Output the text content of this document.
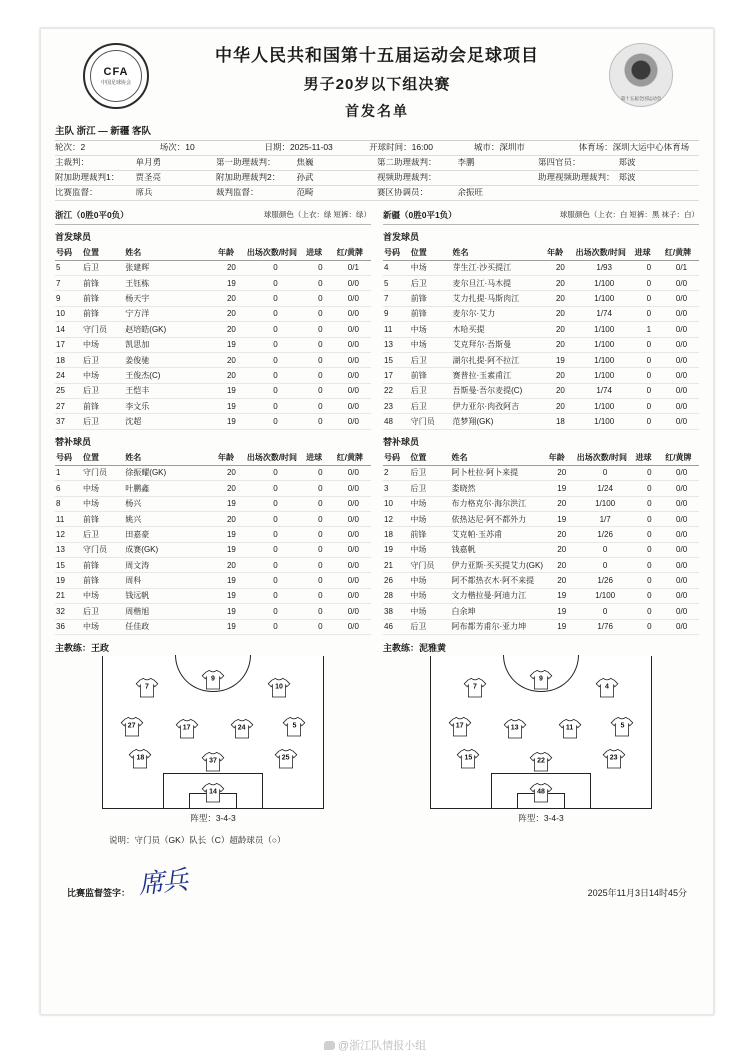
CFA
中国足球协会
第十五届全国运动会
中华人民共和国第十五届运动会足球项目
男子20岁以下组决赛
首发名单
主队 浙江 — 新疆 客队
轮次：2	场次：10	日期：2025-11-03	开球时间：16:00	城市：深圳市	体育场：深圳大运中心体育场
主裁判：	单月勇	第一助理裁判：	焦巍	第二助理裁判：	李鹏	第四官员：	郑波
附加助理裁判1：	贾圣亮	附加助理裁判2：	孙武	视频助理裁判：	助理视频助理裁判： 郑波
比赛监督：	席兵	裁判监督：	范畸	赛区协调员：	余振旺
浙江（0胜0平0负）	球服颜色（上衣：绿 短裤：绿）
首发球员
号码	位置	姓名	年龄	出场次数/时间	进球	红/黄牌
5	后卫	张建辉	20	0	0	0/1
7	前锋	王钰栋	19	0	0	0/0
9	前锋	杨天宇	20	0	0	0/0
10	前锋	宁方洋	20	0	0	0/0
14	守门员	赵培皓(GK)	20	0	0	0/0
17	中场	凯思加	19	0	0	0/0
18	后卫	姜俊驰	20	0	0	0/0
24	中场	王俊杰(C)	20	0	0	0/0
25	后卫	王恺丰	19	0	0	0/0
27	前锋	李文乐	19	0	0	0/0
37	后卫	沈超	19	0	0	0/0
替补球员
号码	位置	姓名	年龄	出场次数/时间	进球	红/黄牌
1	守门员	徐振耀(GK)	20	0	0	0/0
6	中场	叶鹏鑫	20	0	0	0/0
8	中场	杨兴	19	0	0	0/0
11	前锋	姚兴	20	0	0	0/0
12	后卫	田嘉豪	19	0	0	0/0
13	守门员	成赛(GK)	19	0	0	0/0
15	前锋	周文涛	20	0	0	0/0
19	前锋	周科	19	0	0	0/0
21	中场	钱远帆	19	0	0	0/0
32	后卫	周楷旭	19	0	0	0/0
36	中场	任佳政	19	0	0	0/0
主教练：王政
新疆（0胜0平1负）	球服颜色（上衣：白 短裤：黑 袜子：白）
首发球员
号码	位置	姓名	年龄	出场次数/时间	进球	红/黄牌
4	中场	芽生江·沙买提江	20	1/93	0	0/1
5	后卫	麦尔旦江·马木提	20	1/100	0	0/0
7	前锋	艾力扎提·马斯肉江	20	1/100	0	0/0
9	前锋	麦尔尔·艾力	20	1/74	0	0/0
11	中场	木哈买提	20	1/100	1	0/0
13	中场	艾克拜尔·吾斯曼	20	1/100	0	0/0
15	后卫	湖尔扎提·阿不拉江	19	1/100	0	0/0
17	前锋	赛普拉·玉素甫江	20	1/100	0	0/0
22	后卫	吾斯曼·吾尔麦提(C)	20	1/74	0	0/0
23	后卫	伊力亚尔·肉孜阿吉	20	1/100	0	0/0
48	守门员	范梦翔(GK)	18	1/100	0	0/0
替补球员
号码	位置	姓名	年龄	出场次数/时间	进球	红/黄牌
2	后卫	阿卜杜拉·阿卜来提	20	0	0	0/0
3	后卫	娄晓然	19	1/24	0	0/0
10	中场	布力格克尔·海尔洪江	20	1/100	0	0/0
12	中场	依热达尼·阿不都外力	19	1/7	0	0/0
18	前锋	艾克帕·玉苏甫	20	1/26	0	0/0
19	中场	钱嘉帆	20	0	0	0/0
21	守门员	伊力亚斯·买买提艾力(GK)	20	0	0	0/0
26	中场	阿不都热衣木·阿不来提	20	1/26	0	0/0
28	中场	文力楷拉曼·阿迪力江	19	1/100	0	0/0
38	中场	白余坤	19	0	0	0/0
46	后卫	阿布都艻甫尔·亚力坤	19	1/76	0	0/0
主教练：泥雅黄
14
18	37	25
27	17	24	5
7
9
10
阵型：3-4-3
48
15	22	23
17	13	11	5
7
9
4
阵型：3-4-3
说明：守门员（GK）队长（C）超龄球员（○）
比赛监督签字： 席兵	2025年11月3日14时45分
@浙江队情报小组
